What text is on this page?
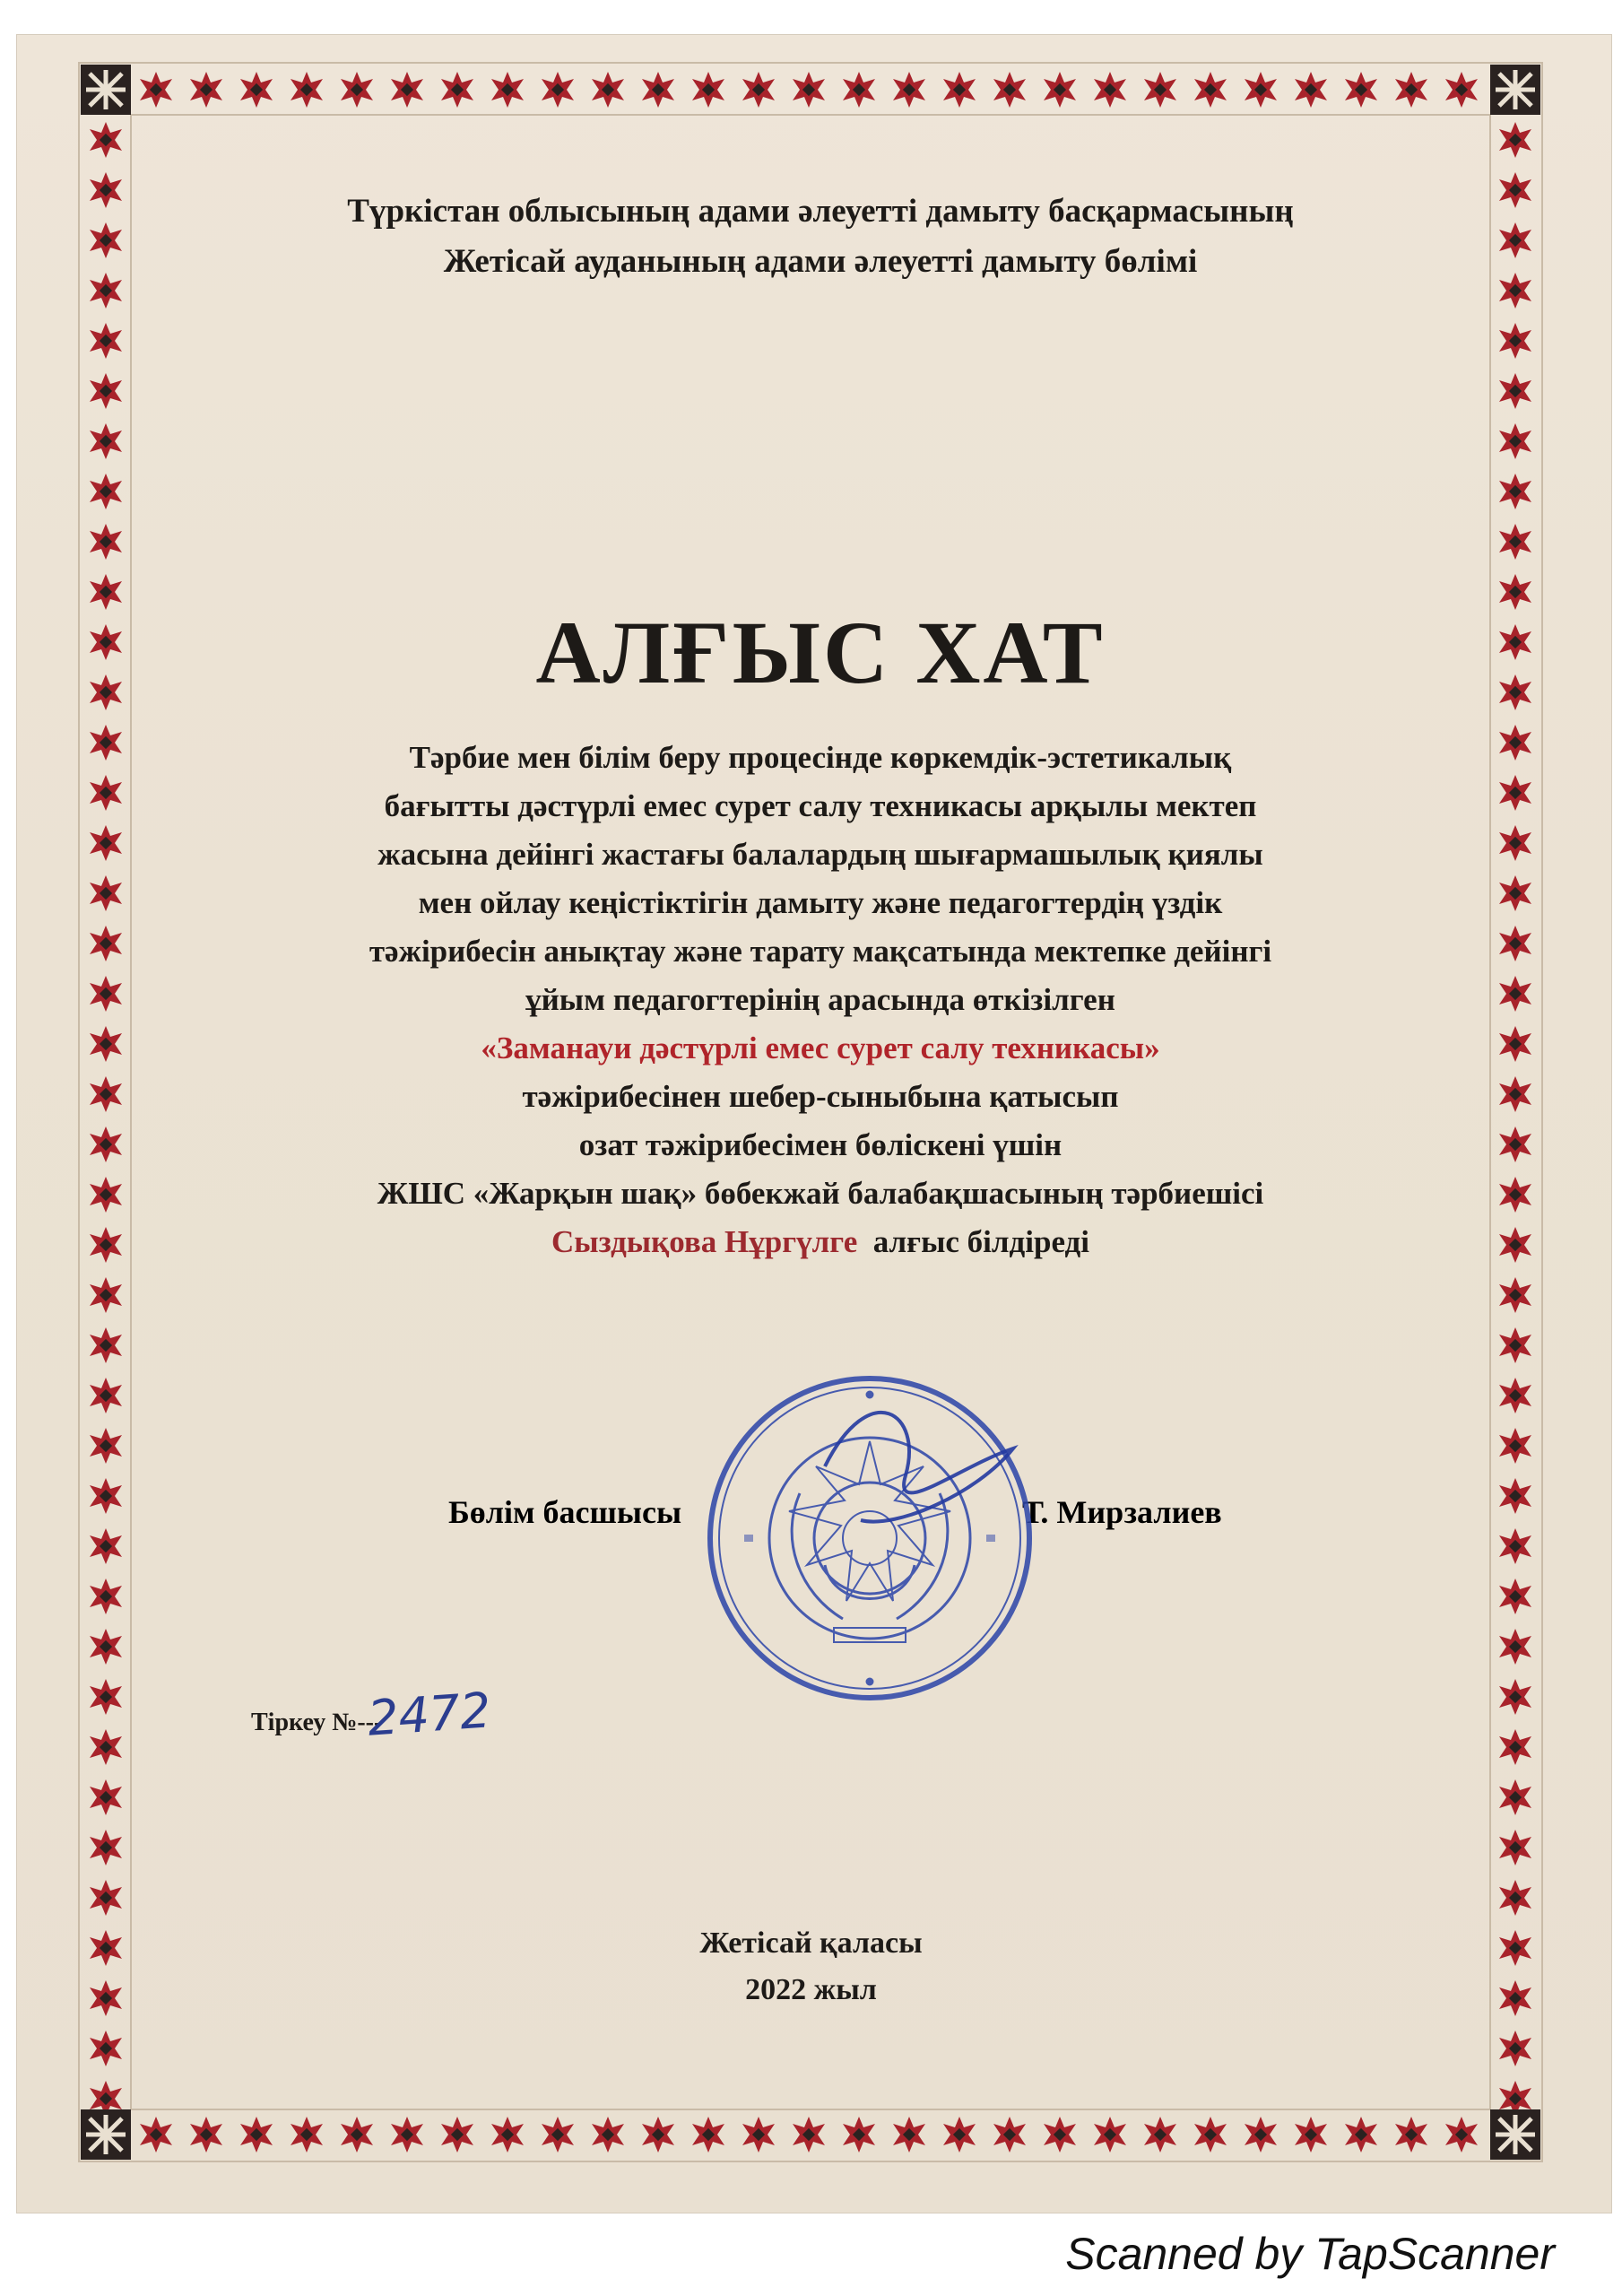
Түркістан облысының адами әлеуетті дамыту басқармасының
Жетісай ауданының адами әлеуетті дамыту бөлімі
АЛҒЫС ХАТ
Тәрбие мен білім беру процесінде көркемдік-эстетикалық
бағытты дәстүрлі емес сурет салу техникасы арқылы мектеп
жасына дейінгі жастағы балалардың шығармашылық қиялы
мен ойлау кеңістіктігін дамыту және педагогтердің үздік
тәжірибесін анықтау және тарату мақсатында мектепке дейінгі
ұйым педагогтерінің арасында өткізілген
«Заманауи дәстүрлі емес сурет салу техникасы»
тәжірибесінен шебер-сыныбына қатысып
озат тәжірибесімен бөліскені үшін
ЖШС «Жарқын шақ» бөбекжай балабақшасының тәрбиешісі
Сыздықова Нұргүлге алғыс білдіреді
Бөлім басшысы	Т. Мирзалиев
Тіркеу №---
2472
Жетісай қаласы
2022 жыл
Scanned by TapScanner
